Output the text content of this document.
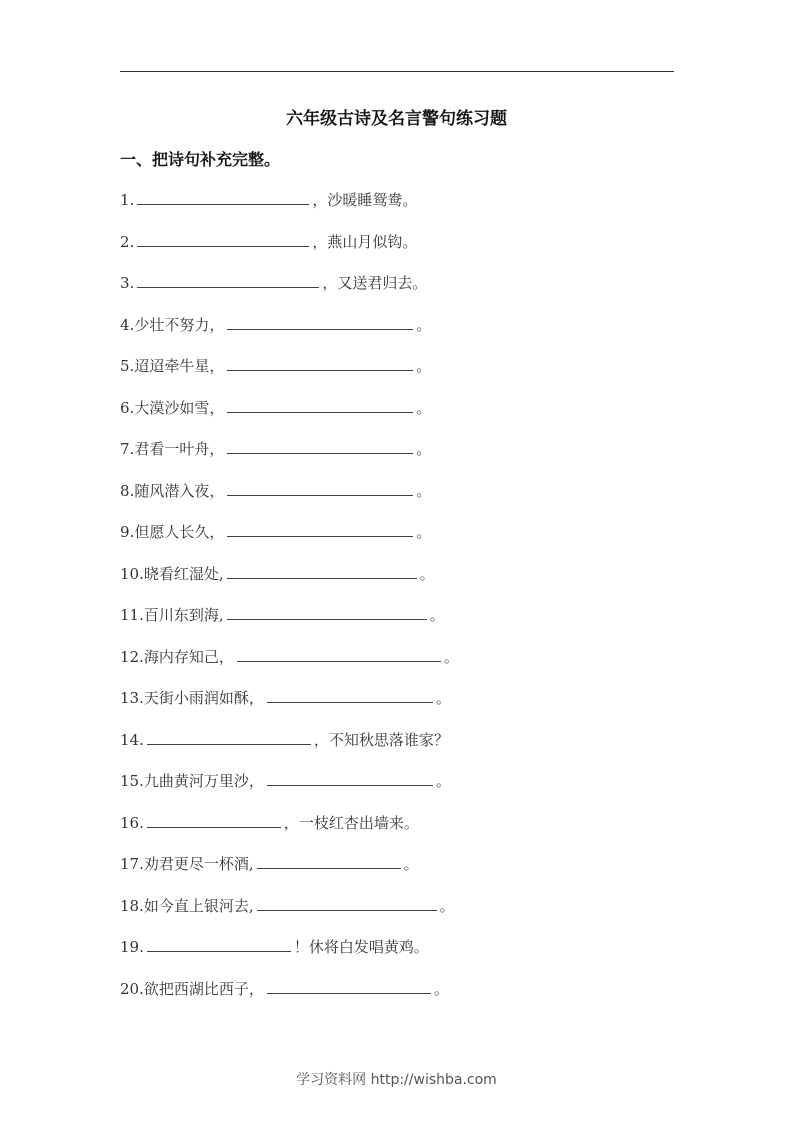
六年级古诗及名言警句练习题
一、把诗句补充完整。
1.	，沙暖睡鸳鸯。
2.	，燕山月似钩。
3.	，又送君归去。
4.少壮不努力，	。
5.迢迢牵牛星，	。
6.大漠沙如雪，	。
7.君看一叶舟，	。
8.随风潜入夜，	。
9.但愿人长久，	。
10.晓看红湿处,	。
11.百川东到海,	。
12.海内存知己，	。
13.天街小雨润如酥，	。
14.	，不知秋思落谁家？
15.九曲黄河万里沙，	。
16.	，一枝红杏出墙来。
17.劝君更尽一杯酒,	。
18.如今直上银河去,	。
19.	！休将白发唱黄鸡。
20.欲把西湖比西子，	。
学习资料网 http://wishba.com
